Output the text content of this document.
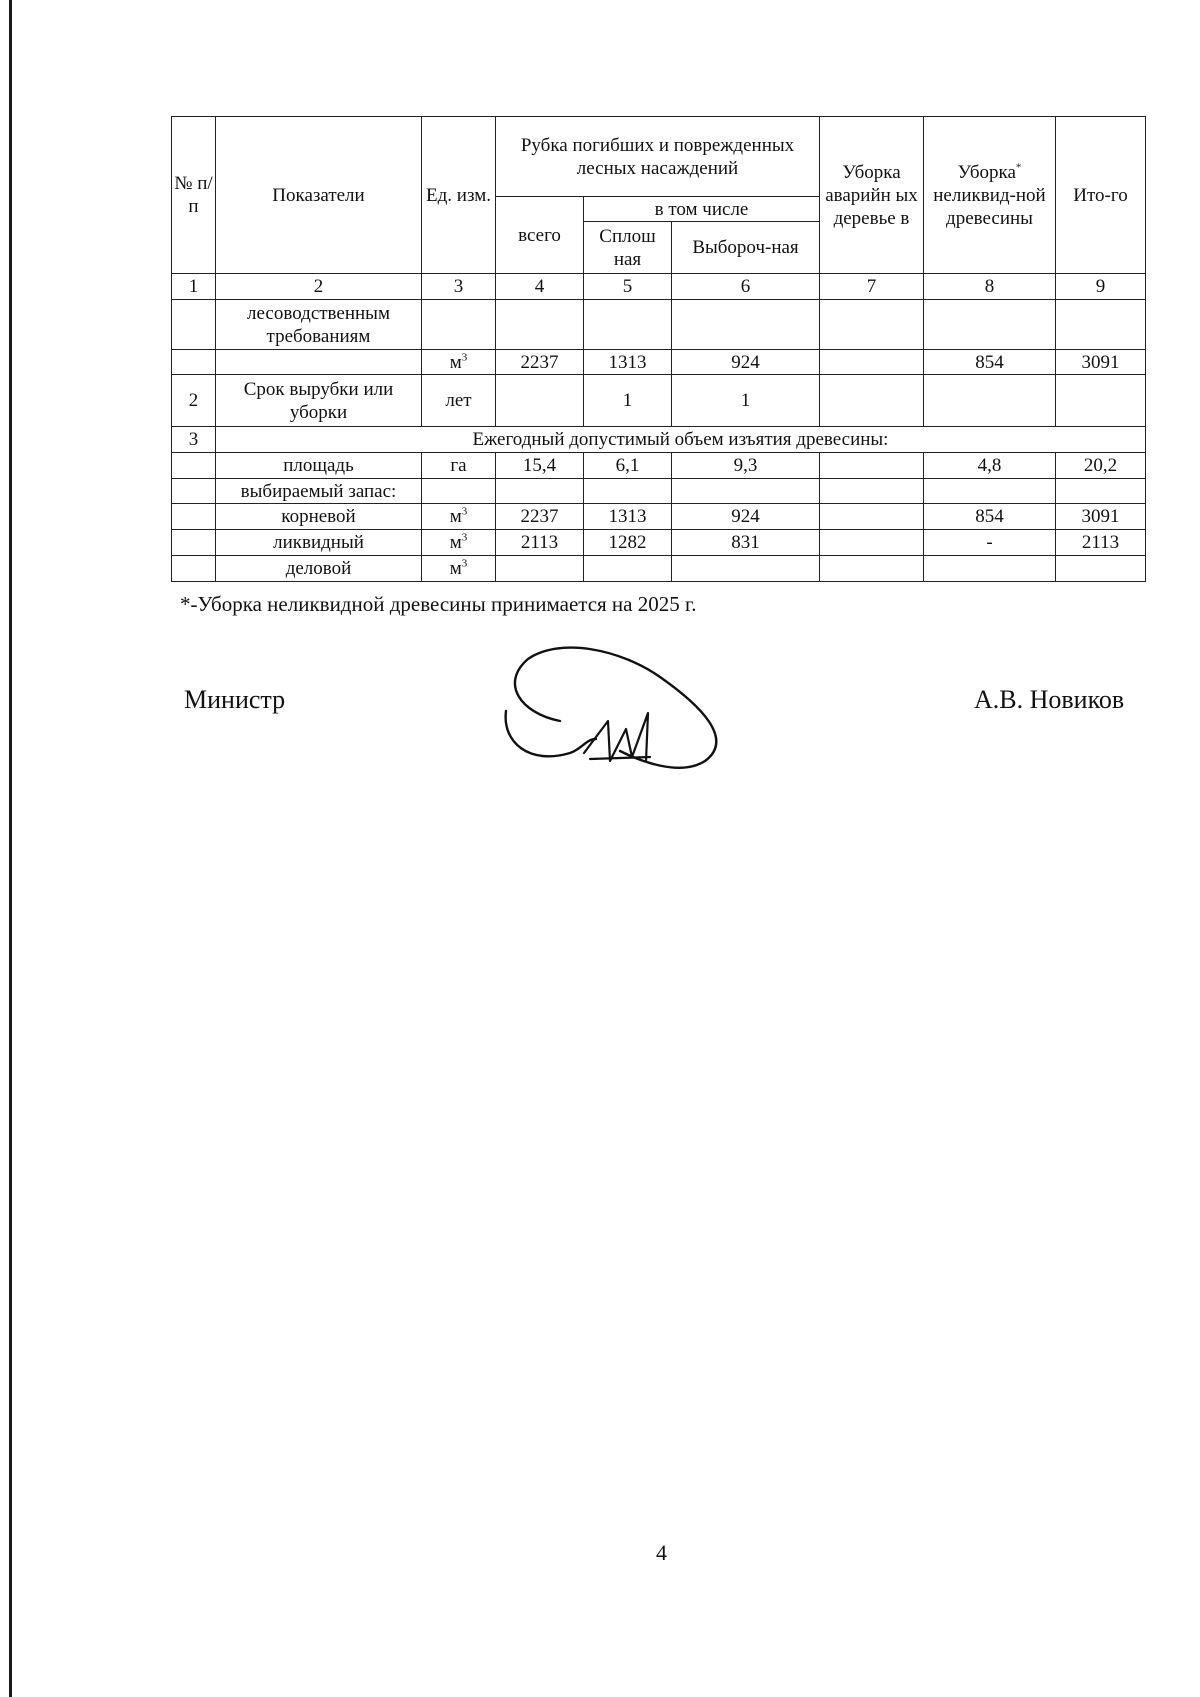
№ п/ п	Показатели	Ед. изм.	Рубка погибших и поврежденных лесных насаждений			Уборка аварийн ых деревье в	Уборка* неликвид-ной древесины	Ито-го
			всего	в том числе				
				Сплош ная	Выбороч-ная			
1	2	3	4	5	6	7	8	9
	лесоводственным требованиям							
		$м^3$	2237	1313	924		854	3091
2	Срок вырубки или уборки	лет		1	1			
3	Ежегодный допустимый объем изъятия древесины:							
	площадь	га	15,4	6,1	9,3		4,8	20,2
	выбираемый запас:							
	корневой	$м^3$	2237	1313	924		854	3091
	ликвидный	$м^3$	2113	1282	831		-	2113
	деловой	$м^3$						
*-Уборка неликвидной древесины принимается на 2025 г.
Министр	А.В. Новиков
4
